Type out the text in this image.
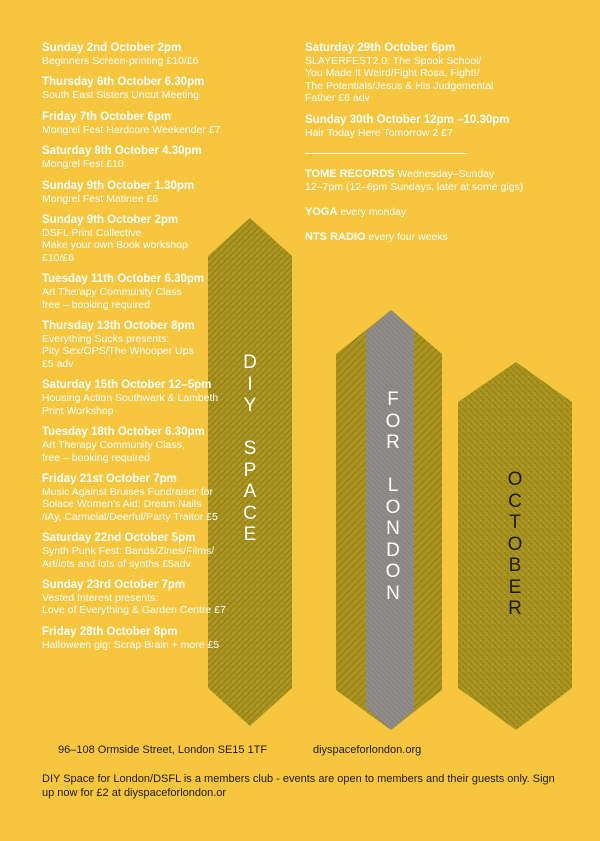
D
I
Y

S
P
A
C
E
F
O
R

L
O
N
D
O
N
O
C
T
O
B
E
R
Sunday 2nd October 2pm
Beginners Screen-printing £10/£6
Thursday 6th October 6.30pm
South East Sisters Uncut Meeting
Friday 7th October 6pm
Mongrel Fest Hardcore Weekender £7
Saturday 8th October 4.30pm
Mongrel Fest £10
Sunday 9th October 1.30pm
Mongrel Fest Matinee £6
Sunday 9th October 2pm
DSFL Print Collective
Make your own Book workshop
£10/£6
Tuesday 11th October 6.30pm
Art Therapy Community Class
free – booking required
Thursday 13th October 8pm
Everything Sucks presents:
Pity Sex/OPS/The Whooper Ups
£5 adv
Saturday 15th October 12–5pm
Housing Action Southwark & Lambeth
Print Workshop
Tuesday 18th October 6.30pm
Art Therapy Community Class,
free – booking required
Friday 21st October 7pm
Music Against Bruises Fundraiser for
Solace Women's Aid: Dream Nails
/iAy, Carmelal/Deerful/Party Traitor £5
Saturday 22nd October 5pm
Synth Punk Fest: Bands/Zines/Films/
Art/lots and lots of synths £5adv
Sunday 23rd October 7pm
Vested Interest presents:
Love of Everything & Garden Centre £7
Friday 28th October 8pm
Halloween gig: Scrap Brain + more £5
Saturday 29th October 6pm
SLAYERFEST2.0: The Spook School/
You Made It Weird/Fight Rosa, Fight!/
The Potentials/Jesus & His Judgemental
Father £6 adv
Sunday 30th October 12pm –10.30pm
Hair Today Here Tomorrow 2 £7
TOME RECORDS Wednesday–Sunday
12–7pm (12–6pm Sundays, later at some gigs)
YOGA every monday
NTS RADIO every four weeks
96–108 Ormside Street, London SE15 1TF	diyspaceforlondon.org
DIY Space for London/DSFL is a members club - events are open to members and their guests only. Sign up now for £2 at diyspaceforlondon.or
